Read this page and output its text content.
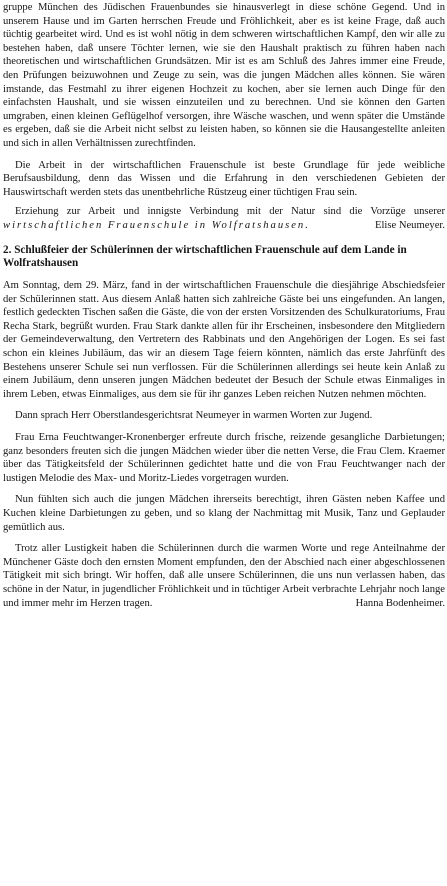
gruppe München des Jüdischen Frauenbundes sie hinausverlegt in diese schöne Gegend. Und in unserem Hause und im Garten herrschen Freude und Fröhlichkeit, aber es ist keine Frage, daß auch tüchtig gearbeitet wird. Und es ist wohl nötig in dem schweren wirtschaftlichen Kampf, den wir alle zu bestehen haben, daß unsere Töchter lernen, wie sie den Haushalt praktisch zu führen haben nach theoretischen und wirtschaftlichen Grundsätzen. Mir ist es am Schluß des Jahres immer eine Freude, den Prüfungen beizuwohnen und Zeuge zu sein, was die jungen Mädchen alles können. Sie wären imstande, das Festmahl zu ihrer eigenen Hochzeit zu kochen, aber sie lernen auch Dinge für den einfachsten Haushalt, und sie wissen einzuteilen und zu berechnen. Und sie können den Garten umgraben, einen kleinen Geflügelhof versorgen, ihre Wäsche waschen, und wenn später die Umstände es ergeben, daß sie die Arbeit nicht selbst zu leisten haben, so können sie die Hausangestellte anleiten und sich in allen Verhältnissen zurechtfinden.

Die Arbeit in der wirtschaftlichen Frauenschule ist beste Grundlage für jede weibliche Berufsausbildung, denn das Wissen und die Erfahrung in den verschiedenen Gebieten der Hauswirtschaft werden stets das unentbehrliche Rüstzeug einer tüchtigen Frau sein.

Erziehung zur Arbeit und innigste Verbindung mit der Natur sind die Vorzüge unserer wirtschaftlichen Frauenschule in Wolfratshausen.	Elise Neumeyer.

2. Schlußfeier der Schülerinnen der wirtschaftlichen Frauenschule auf dem Lande in Wolfratshausen

Am Sonntag, dem 29. März, fand in der wirtschaftlichen Frauenschule die diesjährige Abschiedsfeier der Schülerinnen statt. Aus diesem Anlaß hatten sich zahlreiche Gäste bei uns eingefunden. An langen, festlich gedeckten Tischen saßen die Gäste, die von der ersten Vorsitzenden des Schulkuratoriums, Frau Recha Stark, begrüßt wurden. Frau Stark dankte allen für ihr Erscheinen, insbesondere den Mitgliedern der Gemeindeverwaltung, den Vertretern des Rabbinats und den Angehörigen der Logen. Es sei fast schon ein kleines Jubiläum, das wir an diesem Tage feiern könnten, nämlich das erste Jahrfünft des Bestehens unserer Schule sei nun verflossen. Für die Schülerinnen allerdings sei heute kein Anlaß zu einem Jubiläum, denn unseren jungen Mädchen bedeutet der Besuch der Schule etwas Einmaliges in ihrem Leben, etwas Einmaliges, aus dem sie für ihr ganzes Leben reichen Nutzen nehmen möchten.

Dann sprach Herr Oberstlandesgerichtsrat Neumeyer in warmen Worten zur Jugend.

Frau Erna Feuchtwanger-Kronenberger erfreute durch frische, reizende gesangliche Darbietungen; ganz besonders freuten sich die jungen Mädchen wieder über die netten Verse, die Frau Clem. Kraemer über das Tätigkeitsfeld der Schülerinnen gedichtet hatte und die von Frau Feuchtwanger nach der lustigen Melodie des Max- und Moritz-Liedes vorgetragen wurden.

Nun fühlten sich auch die jungen Mädchen ihrerseits berechtigt, ihren Gästen neben Kaffee und Kuchen kleine Darbietungen zu geben, und so klang der Nachmittag mit Musik, Tanz und Geplauder gemütlich aus.

Trotz aller Lustigkeit haben die Schülerinnen durch die warmen Worte und rege Anteilnahme der Münchener Gäste doch den ernsten Moment empfunden, den der Abschied nach einer abgeschlossenen Tätigkeit mit sich bringt. Wir hoffen, daß alle unsere Schülerinnen, die uns nun verlassen haben, das schöne in der Natur, in jugendlicher Fröhlichkeit und in tüchtiger Arbeit verbrachte Lehrjahr noch lange und immer mehr im Herzen tragen.	Hanna Bodenheimer.
